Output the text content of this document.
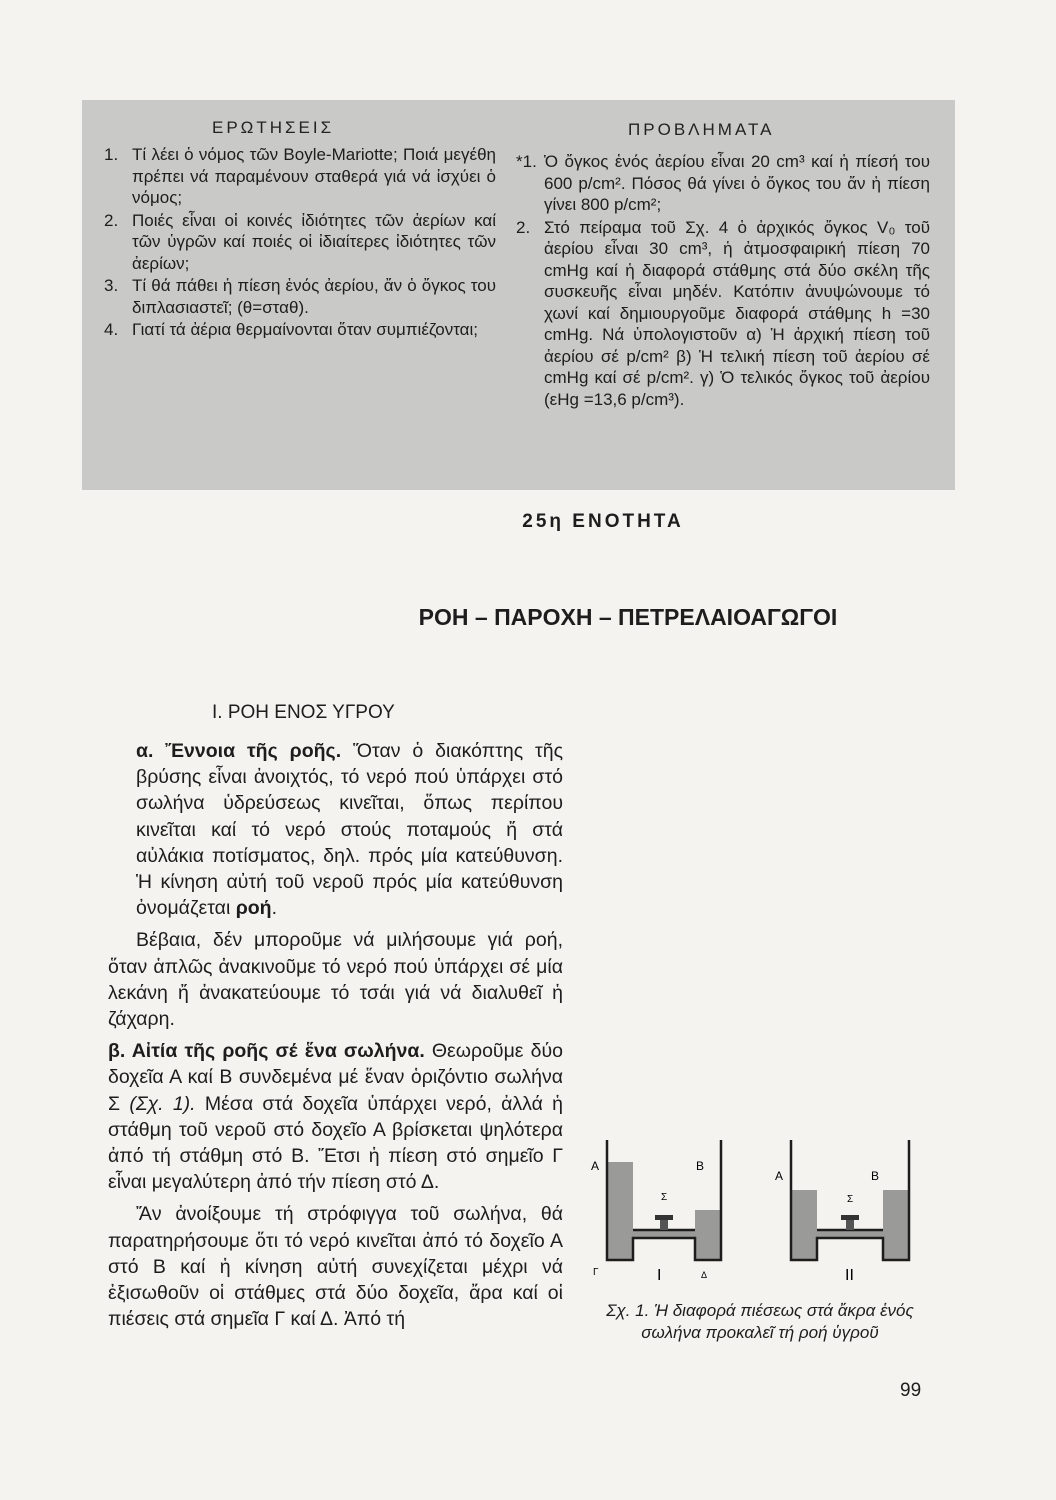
ΕΡΩΤΗΣΕΙΣ
1. Τί λέει ὁ νόμος τῶν Boyle-Mariotte; Ποιά μεγέθη πρέπει νά παραμένουν σταθερά γιά νά ἰσχύει ὁ νόμος;
2. Ποιές εἶναι οἱ κοινές ἰδιότητες τῶν ἀερίων καί τῶν ὑγρῶν καί ποιές οἱ ἰδιαίτερες ἰδιότητες τῶν ἀερίων;
3. Τί θά πάθει ἡ πίεση ἑνός ἀερίου, ἄν ὁ ὄγκος του διπλασιαστεῖ; (θ=σταθ).
4. Γιατί τά ἀέρια θερμαίνονται ὅταν συμπιέζονται;
ΠΡΟΒΛΗΜΑΤΑ
*1. Ὁ ὄγκος ἑνός ἀερίου εἶναι 20 cm³ καί ἡ πίεσή του 600 p/cm². Πόσος θά γίνει ὁ ὄγκος του ἄν ἡ πίεση γίνει 800 p/cm²;
2. Στό πείραμα τοῦ Σχ. 4 ὁ ἀρχικός ὄγκος V₀ τοῦ ἀερίου εἶναι 30 cm³, ἡ ἀτμοσφαιρική πίεση 70 cmHg καί ἡ διαφορά στάθμης στά δύο σκέλη τῆς συσκευῆς εἶναι μηδέν. Κατόπιν ἀνυψώνουμε τό χωνί καί δημιουργοῦμε διαφορά στάθμης h =30 cmHg. Νά ὑπολογιστοῦν α) Ἡ ἀρχική πίεση τοῦ ἀερίου σέ p/cm² β) Ἡ τελική πίεση τοῦ ἀερίου σέ cmHg καί σέ p/cm². γ) Ὁ τελικός ὄγκος τοῦ ἀερίου (εHg =13,6 p/cm³).
25η ΕΝΟΤΗΤΑ
ΡΟΗ – ΠΑΡΟΧΗ – ΠΕΤΡΕΛΑΙΟΑΓΩΓΟΙ
Ι. ΡΟΗ ΕΝΟΣ ΥΓΡΟΥ

α. Ἔννοια τῆς ροῆς. Ὅταν ὁ διακόπτης τῆς βρύσης εἶναι ἀνοιχτός, τό νερό πού ὑπάρχει στό σωλήνα ὑδρεύσεως κινεῖται, ὅπως περίπου κινεῖται καί τό νερό στούς ποταμούς ἤ στά αὐλάκια ποτίσματος, δηλ. πρός μία κατεύθυνση. Ἡ κίνηση αὐτή τοῦ νεροῦ πρός μία κατεύθυνση ὀνομάζεται ροή.

Βέβαια, δέν μποροῦμε νά μιλήσουμε γιά ροή, ὅταν ἁπλῶς ἀνακινοῦμε τό νερό πού ὑπάρχει σέ μία λεκάνη ἤ ἀνακατεύουμε τό τσάι γιά νά διαλυθεῖ ἡ ζάχαρη.

β. Αἰτία τῆς ροῆς σέ ἕνα σωλήνα. Θεωροῦμε δύο δοχεῖα Α καί Β συνδεμένα μέ ἕναν ὁριζόντιο σωλήνα Σ (Σχ. 1). Μέσα στά δοχεῖα ὑπάρχει νερό, ἀλλά ἡ στάθμη τοῦ νεροῦ στό δοχεῖο Α βρίσκεται ψηλότερα ἀπό τή στάθμη στό Β. Ἔτσι ἡ πίεση στό σημεῖο Γ εἶναι μεγαλύτερη ἀπό τήν πίεση στό Δ.

Ἄν ἀνοίξουμε τή στρόφιγγα τοῦ σωλήνα, θά παρατηρήσουμε ὅτι τό νερό κινεῖται ἀπό τό δοχεῖο Α στό Β καί ἡ κίνηση αὐτή συνεχίζεται μέχρι νά ἐξισωθοῦν οἱ στάθμες στά δύο δοχεῖα, ἄρα καί οἱ πιέσεις στά σημεῖα Γ καί Δ. Ἀπό τή

Α	Β
Σ
Γ	Δ
Ι
Α	Β
Σ
ΙΙ
Σχ. 1. Ἡ διαφορά πιέσεως στά ἄκρα ἑνός σωλήνα προκαλεῖ τή ροή ὑγροῦ
99
